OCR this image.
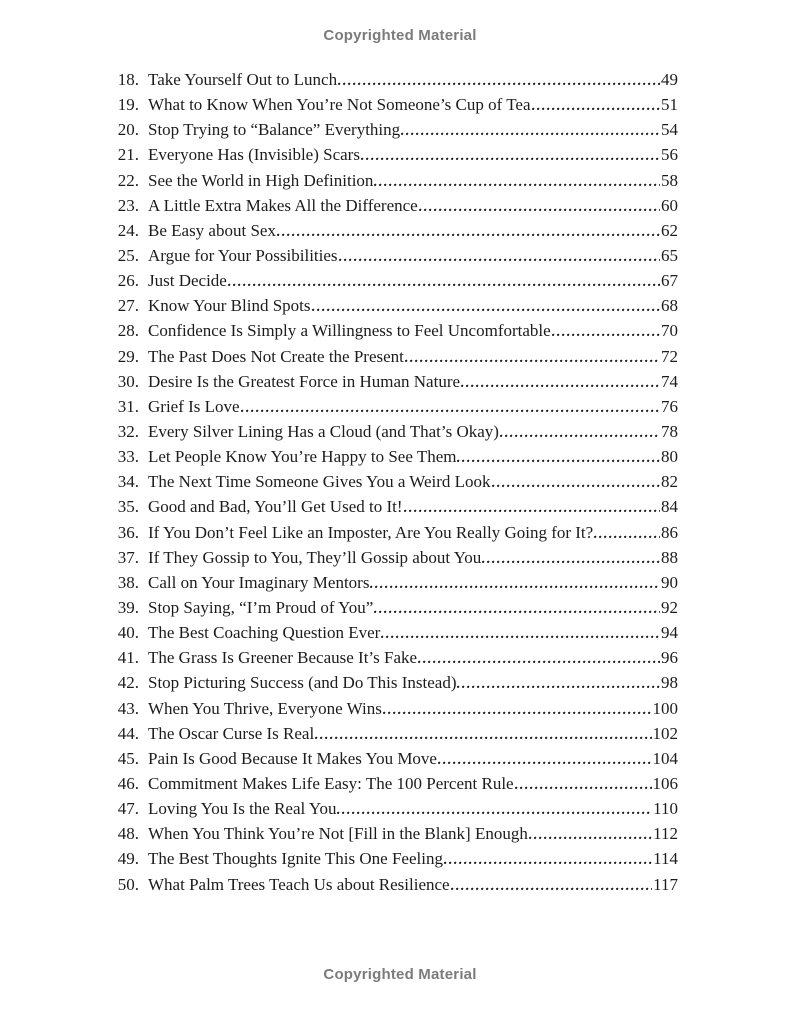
Copyrighted Material
18. Take Yourself Out to Lunch	49
19. What to Know When You’re Not Someone’s Cup of Tea	51
20. Stop Trying to “Balance” Everything	54
21. Everyone Has (Invisible) Scars	56
22. See the World in High Definition	58
23. A Little Extra Makes All the Difference	60
24. Be Easy about Sex	62
25. Argue for Your Possibilities	65
26. Just Decide	67
27. Know Your Blind Spots	68
28. Confidence Is Simply a Willingness to Feel Uncomfortable	70
29. The Past Does Not Create the Present	72
30. Desire Is the Greatest Force in Human Nature	74
31. Grief Is Love	76
32. Every Silver Lining Has a Cloud (and That’s Okay)	78
33. Let People Know You’re Happy to See Them	80
34. The Next Time Someone Gives You a Weird Look	82
35. Good and Bad, You’ll Get Used to It!	84
36. If You Don’t Feel Like an Imposter, Are You Really Going for It?	86
37. If They Gossip to You, They’ll Gossip about You	88
38. Call on Your Imaginary Mentors	90
39. Stop Saying, “I’m Proud of You”	92
40. The Best Coaching Question Ever	94
41. The Grass Is Greener Because It’s Fake	96
42. Stop Picturing Success (and Do This Instead)	98
43. When You Thrive, Everyone Wins	100
44. The Oscar Curse Is Real	102
45. Pain Is Good Because It Makes You Move	104
46. Commitment Makes Life Easy: The 100 Percent Rule	106
47. Loving You Is the Real You	110
48. When You Think You’re Not [Fill in the Blank] Enough	112
49. The Best Thoughts Ignite This One Feeling	114
50. What Palm Trees Teach Us about Resilience	117
Copyrighted Material
